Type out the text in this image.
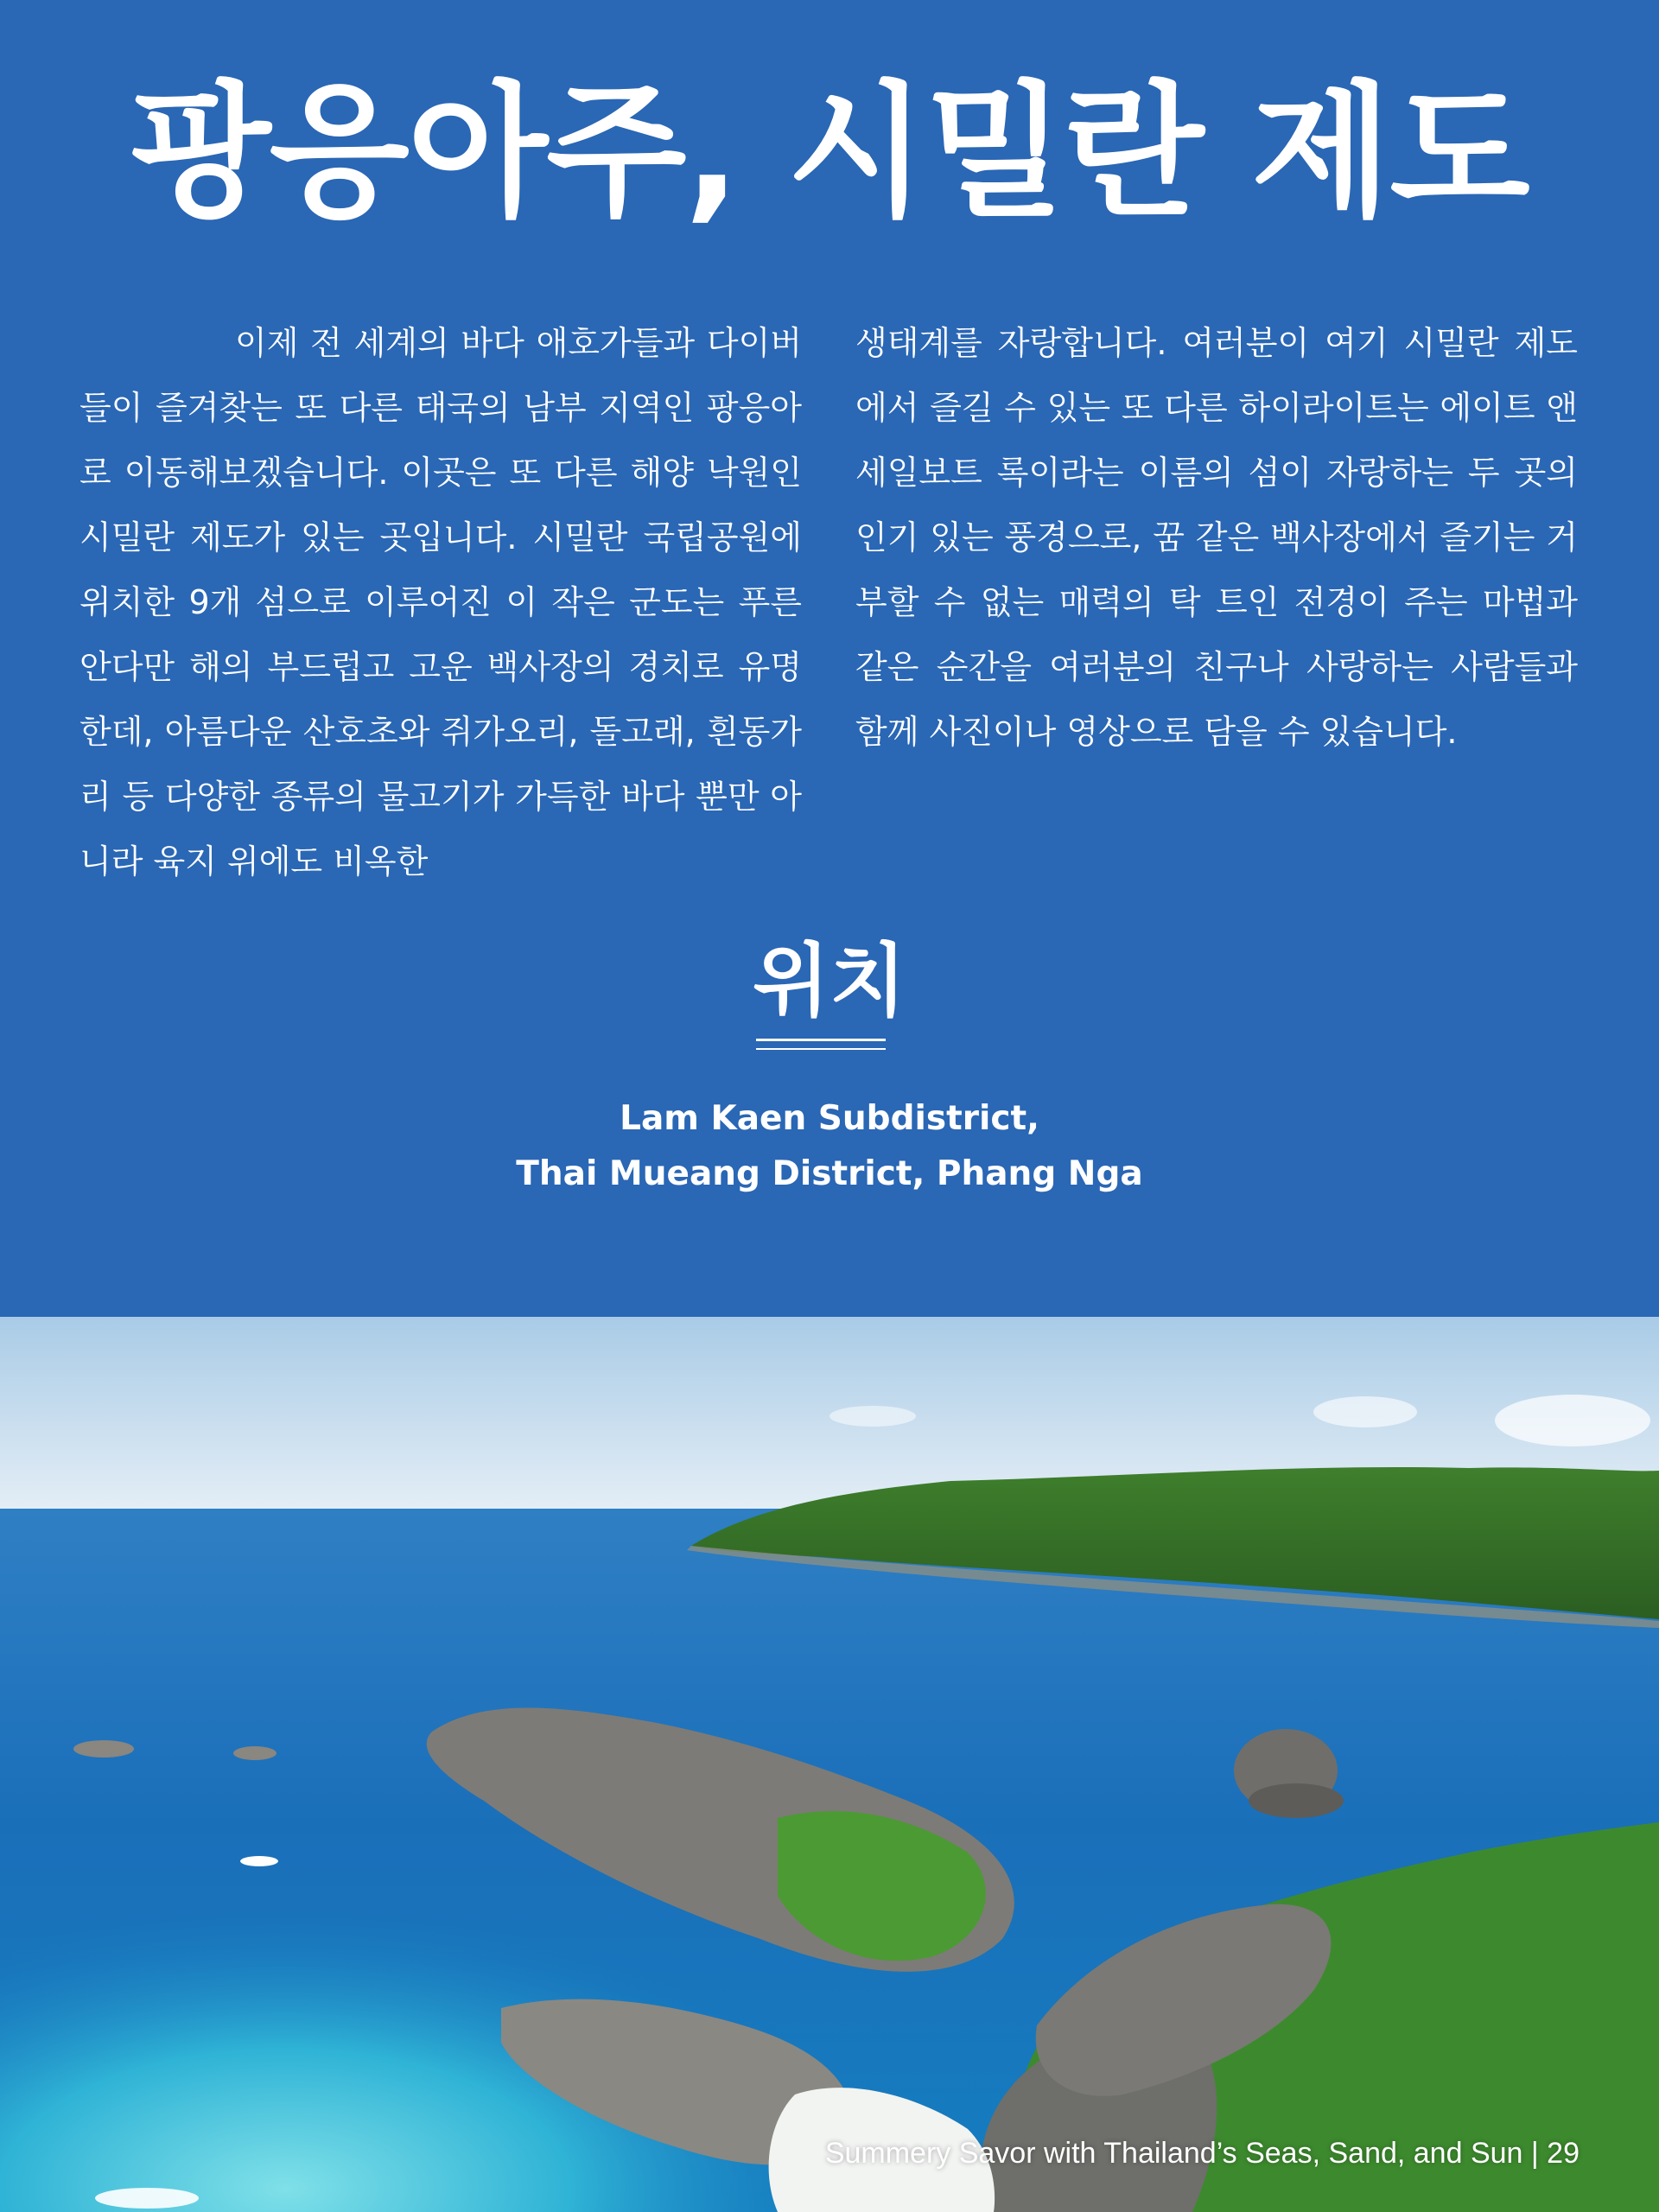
팡응아주, 시밀란 제도

이제 전 세계의 바다 애호가들과 다이버들이 즐겨찾는 또 다른 태국의 남부 지역인 팡응아로 이동해보겠습니다. 이곳은 또 다른 해양 낙원인 시밀란 제도가 있는 곳입니다. 시밀란 국립공원에 위치한 9개 섬으로 이루어진 이 작은 군도는 푸른 안다만 해의 부드럽고 고운 백사장의 경치로 유명한데, 아름다운 산호초와 쥐가오리, 돌고래, 흰동가리 등 다양한 종류의 물고기가 가득한 바다 뿐만 아니라 육지 위에도 비옥한

생태계를 자랑합니다. 여러분이 여기 시밀란 제도에서 즐길 수 있는 또 다른 하이라이트는 에이트 앤 세일보트 록이라는 이름의 섬이 자랑하는 두 곳의 인기 있는 풍경으로, 꿈 같은 백사장에서 즐기는 거부할 수 없는 매력의 탁 트인 전경이 주는 마법과 같은 순간을 여러분의 친구나 사랑하는 사람들과 함께 사진이나 영상으로 담을 수 있습니다.

위치
Lam Kaen Subdistrict,
Thai Mueang District, Phang Nga
Summery Savor with Thailand’s Seas, Sand, and Sun | 29
